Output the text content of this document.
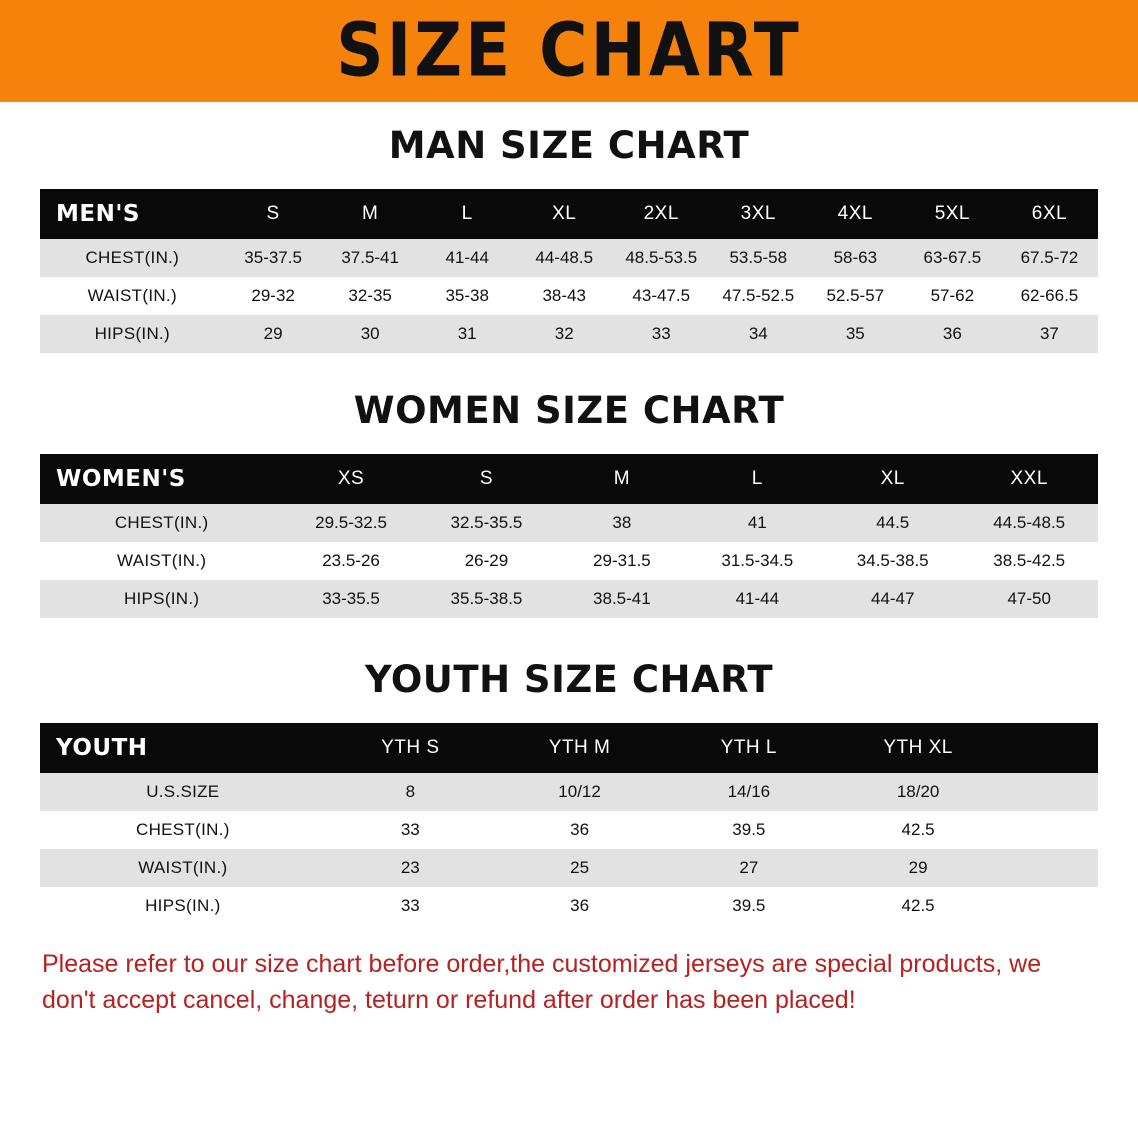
SIZE CHART
MAN SIZE CHART
MEN'S	S	M	L	XL	2XL	3XL	4XL	5XL	6XL
CHEST(IN.)	35-37.5	37.5-41	41-44	44-48.5	48.5-53.5	53.5-58	58-63	63-67.5	67.5-72
WAIST(IN.)	29-32	32-35	35-38	38-43	43-47.5	47.5-52.5	52.5-57	57-62	62-66.5
HIPS(IN.)	29	30	31	32	33	34	35	36	37
WOMEN SIZE CHART
WOMEN'S	XS	S	M	L	XL	XXL
CHEST(IN.)	29.5-32.5	32.5-35.5	38	41	44.5	44.5-48.5
WAIST(IN.)	23.5-26	26-29	29-31.5	31.5-34.5	34.5-38.5	38.5-42.5
HIPS(IN.)	33-35.5	35.5-38.5	38.5-41	41-44	44-47	47-50
YOUTH SIZE CHART
YOUTH	YTH S	YTH M	YTH L	YTH XL	
U.S.SIZE	8	10/12	14/16	18/20	
CHEST(IN.)	33	36	39.5	42.5	
WAIST(IN.)	23	25	27	29	
HIPS(IN.)	33	36	39.5	42.5	

Please refer to our size chart before order,the customized jerseys are special products, we don't accept cancel, change, teturn or refund after order has been placed!
